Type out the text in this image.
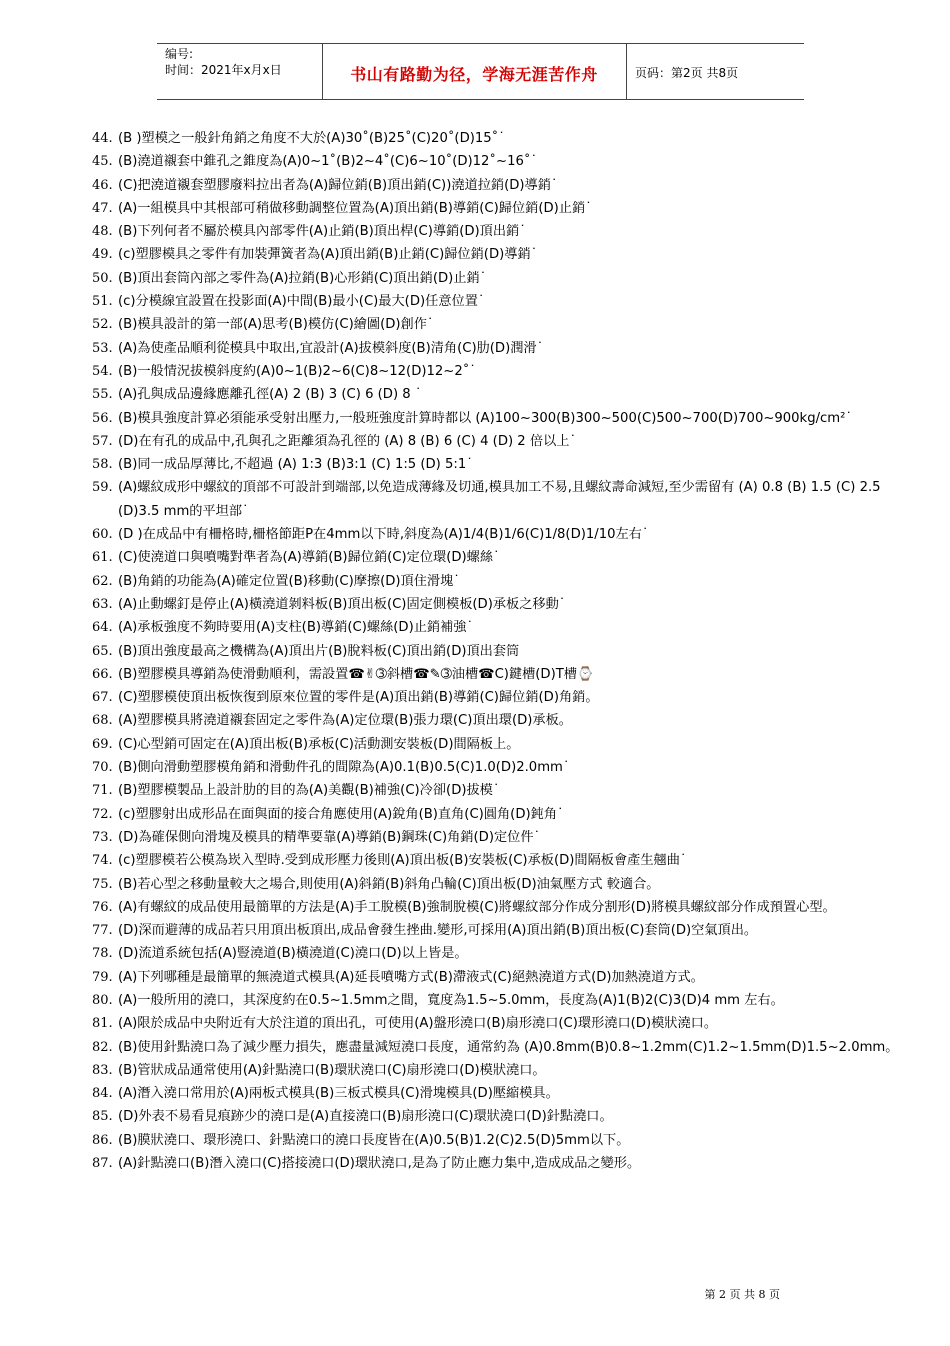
编号:
时间：2021年x月x日	书山有路勤为径，学海无涯苦作舟	页码：第2页 共8页
44. (B )塑模之一般針角銷之角度不大於(A)30˚(B)25˚(C)20˚(D)15˚˙
45. (B)澆道襯套中錐孔之錐度為(A)0~1˚(B)2~4˚(C)6~10˚(D)12˚~16˚˙
46. (C)把澆道襯套塑膠廢料拉出者為(A)歸位銷(B)頂出銷(C))澆道拉銷(D)導銷˙
47. (A)一組模具中其根部可稍做移動調整位置為(A)頂出銷(B)導銷(C)歸位銷(D)止銷˙
48. (B)下列何者不屬於模具內部零件(A)止銷(B)頂出桿(C)導銷(D)頂出銷˙
49. (c)塑膠模具之零件有加裝彈簧者為(A)頂出銷(B)止銷(C)歸位銷(D)導銷˙
50. (B)頂出套筒內部之零件為(A)拉銷(B)心形銷(C)頂出銷(D)止銷˙
51. (c)分模線宜設置在投影面(A)中間(B)最小(C)最大(D)任意位置˙
52. (B)模具設計的第一部(A)思考(B)模仿(C)繪圖(D)創作˙
53. (A)為使產品順利從模具中取出,宜設計(A)拔模斜度(B)清角(C)肋(D)潤滑˙
54. (B)一般情況拔模斜度約(A)0~1(B)2~6(C)8~12(D)12~2˚˙
55. (A)孔與成品邊緣應離孔徑(A) 2 (B) 3 (C) 6 (D) 8 ˙
56. (B)模具強度計算必須能承受射出壓力,一般班強度計算時都以 (A)100~300(B)300~500(C)500~700(D)700~900kg/cm²˙
57. (D)在有孔的成品中,孔與孔之距離須為孔徑的 (A) 8 (B) 6 (C) 4 (D) 2 倍以上˙
58. (B)同一成品厚薄比,不超過 (A) 1:3 (B)3:1 (C) 1:5 (D) 5:1˙
59. (A)螺紋成形中螺紋的頂部不可設計到端部,以免造成薄緣及切通,模具加工不易,且螺紋壽命減短,至少需留有 (A) 0.8 (B) 1.5 (C) 2.5 (D)3.5 mm的平坦部˙
60. (D )在成品中有柵格時,柵格節距P在4mm以下時,斜度為(A)1/4(B)1/6(C)1/8(D)1/10左右˙
61. (C)使澆道口與噴嘴對準者為(A)導銷(B)歸位銷(C)定位環(D)螺絲˙
62. (B)角銷的功能為(A)確定位置(B)移動(C)摩擦(D)頂住滑塊˙
63. (A)止動螺釘是停止(A)橫澆道剝料板(B)頂出板(C)固定側模板(D)承板之移動˙
64. (A)承板強度不夠時要用(A)支柱(B)導銷(C)螺絲(D)止銷補強˙
65. (B)頂出強度最高之機構為(A)頂出片(B)脫料板(C)頂出銷(D)頂出套筒
66. (B)塑膠模具導銷為使滑動順利，需設置☎✌➂斜槽☎✎➂油槽☎C)鍵槽(D)T槽⌚
67. (C)塑膠模使頂出板恢復到原來位置的零件是(A)頂出銷(B)導銷(C)歸位銷(D)角銷。
68. (A)塑膠模具將澆道襯套固定之零件為(A)定位環(B)張力環(C)頂出環(D)承板。
69. (C)心型銷可固定在(A)頂出板(B)承板(C)活動測安裝板(D)間隔板上。
70. (B)側向滑動塑膠模角銷和滑動件孔的間隙為(A)0.1(B)0.5(C)1.0(D)2.0mm˙
71. (B)塑膠模製品上設計肋的目的為(A)美觀(B)補強(C)冷卻(D)拔模˙
72. (c)塑膠射出成形品在面與面的接合角應使用(A)銳角(B)直角(C)圓角(D)鈍角˙
73. (D)為確保側向滑塊及模具的精準要靠(A)導銷(B)鋼珠(C)角銷(D)定位件˙
74. (c)塑膠模若公模為崁入型時.受到成形壓力後則(A)頂出板(B)安裝板(C)承板(D)間隔板會產生翹曲˙
75. (B)若心型之移動量較大之場合,則使用(A)斜銷(B)斜角凸輪(C)頂出板(D)油氣壓方式 較適合。
76. (A)有螺紋的成品使用最簡單的方法是(A)手工脫模(B)強制脫模(C)將螺紋部分作成分割形(D)將模具螺紋部分作成預置心型。
77. (D)深而避薄的成品若只用頂出板頂出,成品會發生挫曲.變形,可採用(A)頂出銷(B)頂出板(C)套筒(D)空氣頂出。
78. (D)流道系統包括(A)豎澆道(B)橫澆道(C)澆口(D)以上皆是。
79. (A)下列哪種是最簡單的無澆道式模具(A)延長噴嘴方式(B)滯液式(C)絕熱澆道方式(D)加熱澆道方式。
80. (A)一般所用的澆口，其深度約在0.5~1.5mm之間，寬度為1.5~5.0mm，長度為(A)1(B)2(C)3(D)4 mm 左右。
81. (A)限於成品中央附近有大於注道的頂出孔，可使用(A)盤形澆口(B)扇形澆口(C)環形澆口(D)模狀澆口。
82. (B)使用針點澆口為了減少壓力損失，應盡量減短澆口長度，通常約為 (A)0.8mm(B)0.8~1.2mm(C)1.2~1.5mm(D)1.5~2.0mm。
83. (B)管狀成品通常使用(A)針點澆口(B)環狀澆口(C)扇形澆口(D)模狀澆口。
84. (A)潛入澆口常用於(A)兩板式模具(B)三板式模具(C)滑塊模具(D)壓縮模具。
85. (D)外表不易看見痕跡少的澆口是(A)直接澆口(B)扇形澆口(C)環狀澆口(D)針點澆口。
86. (B)膜狀澆口、環形澆口、針點澆口的澆口長度皆在(A)0.5(B)1.2(C)2.5(D)5mm以下。
87. (A)針點澆口(B)潛入澆口(C)搭接澆口(D)環狀澆口,是為了防止應力集中,造成成品之變形。
第 2 页 共 8 页
